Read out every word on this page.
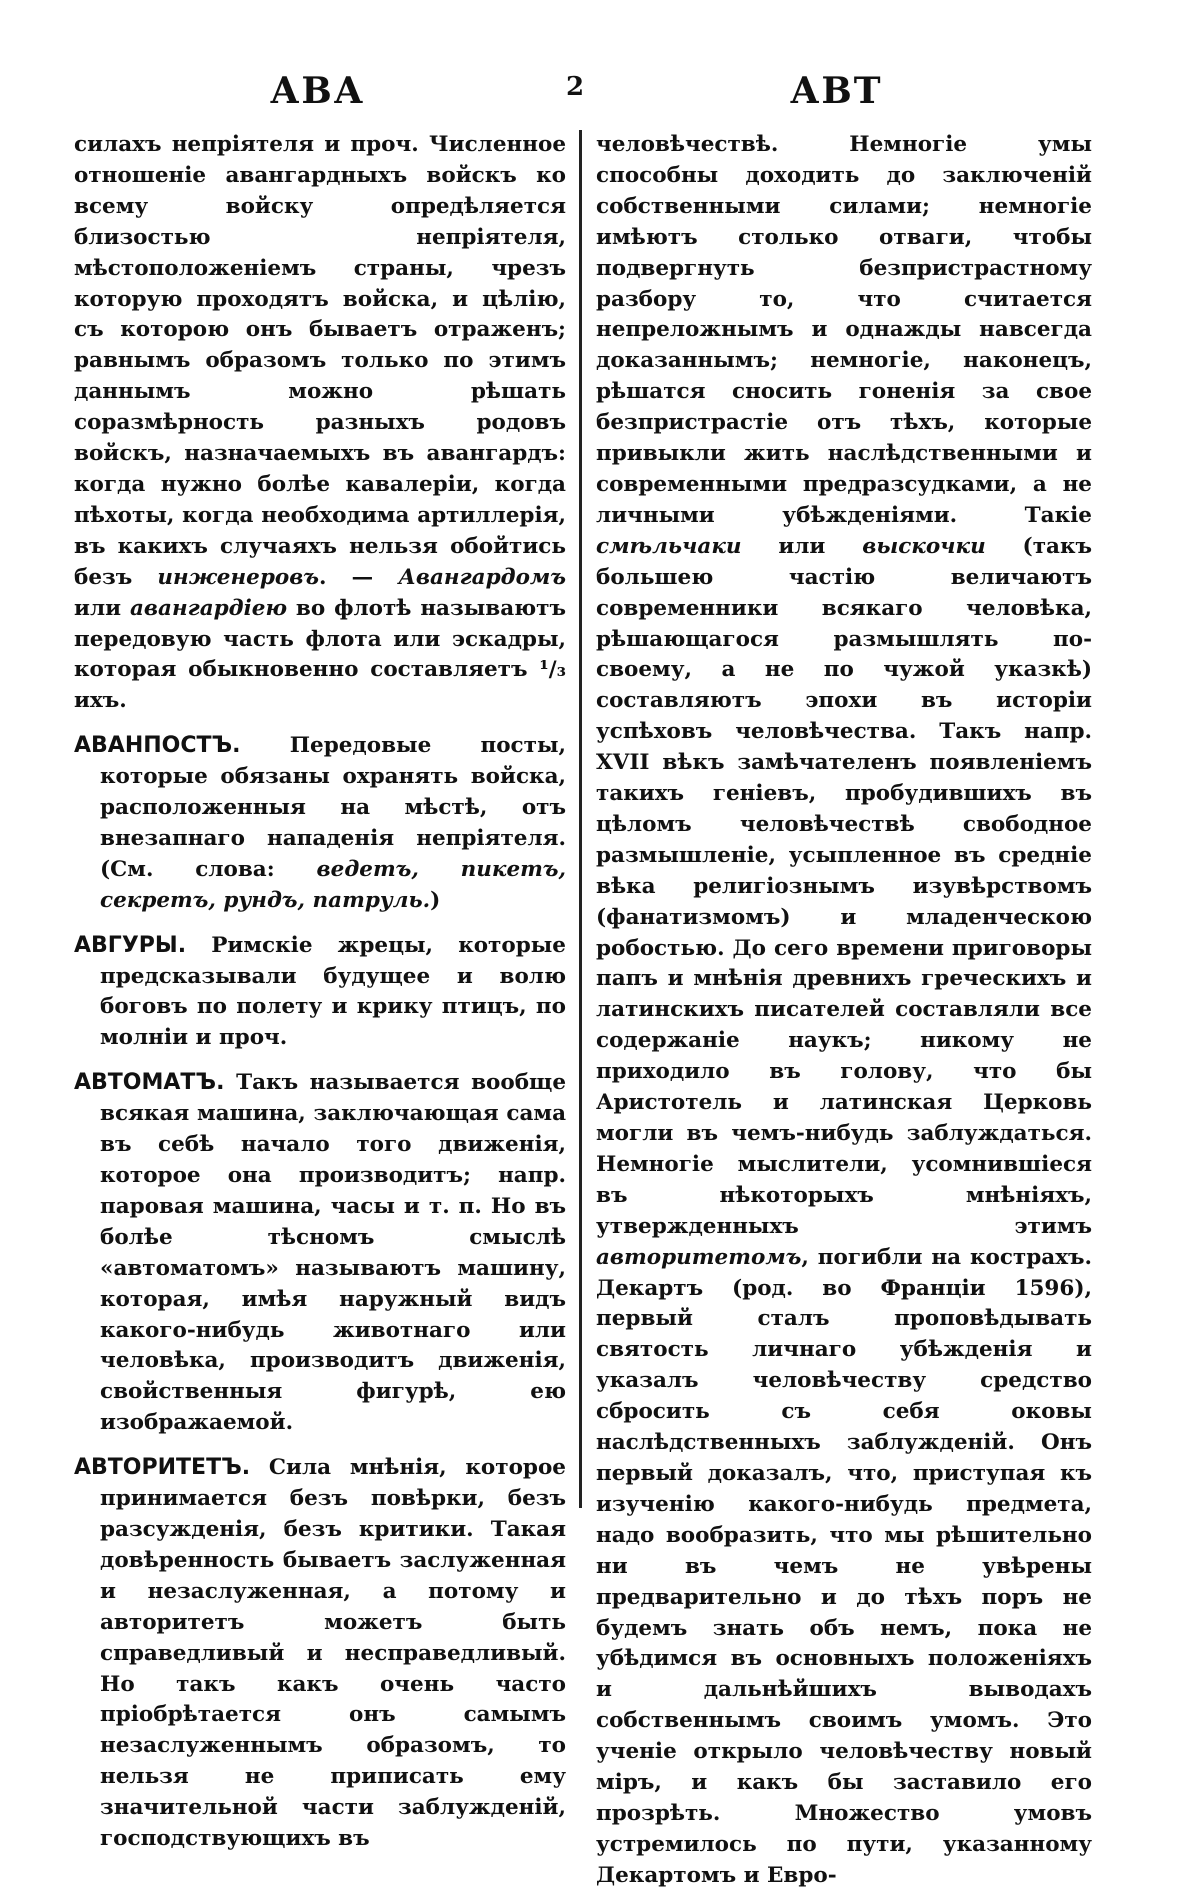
АВА	2	АВТ
силахъ непріятеля и проч. Численное отношеніе авангардныхъ войскъ ко всему войску опредѣляется близостью непріятеля, мѣстоположеніемъ страны, чрезъ которую проходятъ войска, и цѣлію, съ которою онъ бываетъ отраженъ; равнымъ образомъ только по этимъ даннымъ можно рѣшать соразмѣрность разныхъ родовъ войскъ, назначаемыхъ въ авангардъ: когда нужно болѣе кавалеріи, когда пѣхоты, когда необходима артиллерія, въ какихъ случаяхъ нельзя обойтись безъ инженеровъ. — Авангардомъ или авангардіею во флотѣ называютъ передовую часть флота или эскадры, которая обыкновенно составляетъ ¹/₃ ихъ.
АВАНПОСТЪ. Передовые посты, которые обязаны охранять войска, расположенныя на мѣстѣ, отъ внезапнаго нападенія непріятеля. (См. слова: ведетъ, пикетъ, секретъ, рундъ, патруль.)
АВГУРЫ. Римскіе жрецы, которые предсказывали будущее и волю боговъ по полету и крику птицъ, по молніи и проч.
АВТОМАТЪ. Такъ называется вообще всякая машина, заключающая сама въ себѣ начало того движенія, которое она производитъ; напр. паровая машина, часы и т. п. Но въ болѣе тѣсномъ смыслѣ «автоматомъ» называютъ машину, которая, имѣя наружный видъ какого-нибудь животнаго или человѣка, производитъ движенія, свойственныя фигурѣ, ею изображаемой.
АВТОРИТЕТЪ. Сила мнѣнія, которое принимается безъ повѣрки, безъ разсужденія, безъ критики. Такая довѣренность бываетъ заслуженная и незаслуженная, а потому и авторитетъ можетъ быть справедливый и несправедливый. Но такъ какъ очень часто пріобрѣтается онъ самымъ незаслуженнымъ образомъ, то нельзя не приписать ему значительной части заблужденій, господствующихъ въ
человѣчествѣ. Немногіе умы способны доходить до заключеній собственными силами; немногіе имѣютъ столько отваги, чтобы подвергнуть безпристрастному разбору то, что считается непреложнымъ и однажды навсегда доказаннымъ; немногіе, наконецъ, рѣшатся сносить гоненія за свое безпристрастіе отъ тѣхъ, которые привыкли жить наслѣдственными и современными предразсудками, а не личными убѣжденіями. Такіе смѣльчаки или выскочки (такъ большею частію величаютъ современники всякаго человѣка, рѣшающагося размышлять по-своему, а не по чужой указкѣ) составляютъ эпохи въ исторіи успѣховъ человѣчества. Такъ напр. XVII вѣкъ замѣчателенъ появленіемъ такихъ геніевъ, пробудившихъ въ цѣломъ человѣчествѣ свободное размышленіе, усыпленное въ средніе вѣка религіознымъ изувѣрствомъ (фанатизмомъ) и младенческою робостью. До сего времени приговоры папъ и мнѣнія древнихъ греческихъ и латинскихъ писателей составляли все содержаніе наукъ; никому не приходило въ голову, что бы Аристотель и латинская Церковь могли въ чемъ-нибудь заблуждаться. Немногіе мыслители, усомнившіеся въ нѣкоторыхъ мнѣніяхъ, утвержденныхъ этимъ авторитетомъ, погибли на кострахъ. Декартъ (род. во Франціи 1596), первый сталъ проповѣдывать святость личнаго убѣжденія и указалъ человѣчеству средство сбросить съ себя оковы наслѣдственныхъ заблужденій. Онъ первый доказалъ, что, приступая къ изученію какого-нибудь предмета, надо вообразить, что мы рѣшительно ни въ чемъ не увѣрены предварительно и до тѣхъ поръ не будемъ знать объ немъ, пока не убѣдимся въ основныхъ положеніяхъ и дальнѣйшихъ выводахъ собственнымъ своимъ умомъ. Это ученіе открыло человѣчеству новый міръ, и какъ бы заставило его прозрѣть. Множество умовъ устремилось по пути, указанному Декартомъ и Евро-
